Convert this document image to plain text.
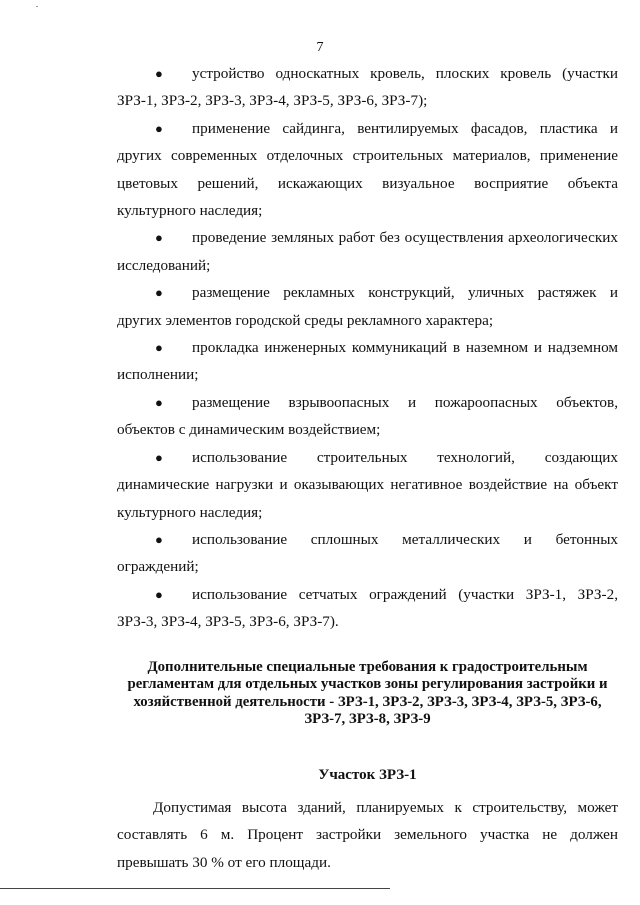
7
● устройство односкатных кровель, плоских кровель (участки ЗРЗ-1, ЗРЗ-2, ЗРЗ-3, ЗРЗ-4, ЗРЗ-5, ЗРЗ-6, ЗРЗ-7);
● применение сайдинга, вентилируемых фасадов, пластика и других современных отделочных строительных материалов, применение цветовых решений, искажающих визуальное восприятие объекта культурного наследия;
● проведение земляных работ без осуществления археологических исследований;
● размещение рекламных конструкций, уличных растяжек и других элементов городской среды рекламного характера;
● прокладка инженерных коммуникаций в наземном и надземном исполнении;
● размещение взрывоопасных и пожароопасных объектов, объектов с динамическим воздействием;
● использование строительных технологий, создающих динамические нагрузки и оказывающих негативное воздействие на объект культурного наследия;
● использование сплошных металлических и бетонных ограждений;
● использование сетчатых ограждений (участки ЗРЗ-1, ЗРЗ-2, ЗРЗ-3, ЗРЗ-4, ЗРЗ-5, ЗРЗ-6, ЗРЗ-7).
Дополнительные специальные требования к градостроительным регламентам для отдельных участков зоны регулирования застройки и хозяйственной деятельности - ЗРЗ-1, ЗРЗ-2, ЗРЗ-3, ЗРЗ-4, ЗРЗ-5, ЗРЗ-6, ЗРЗ-7, ЗРЗ-8, ЗРЗ-9
Участок ЗРЗ-1
Допустимая высота зданий, планируемых к строительству, может составлять 6 м. Процент застройки земельного участка не должен превышать 30 % от его площади.
